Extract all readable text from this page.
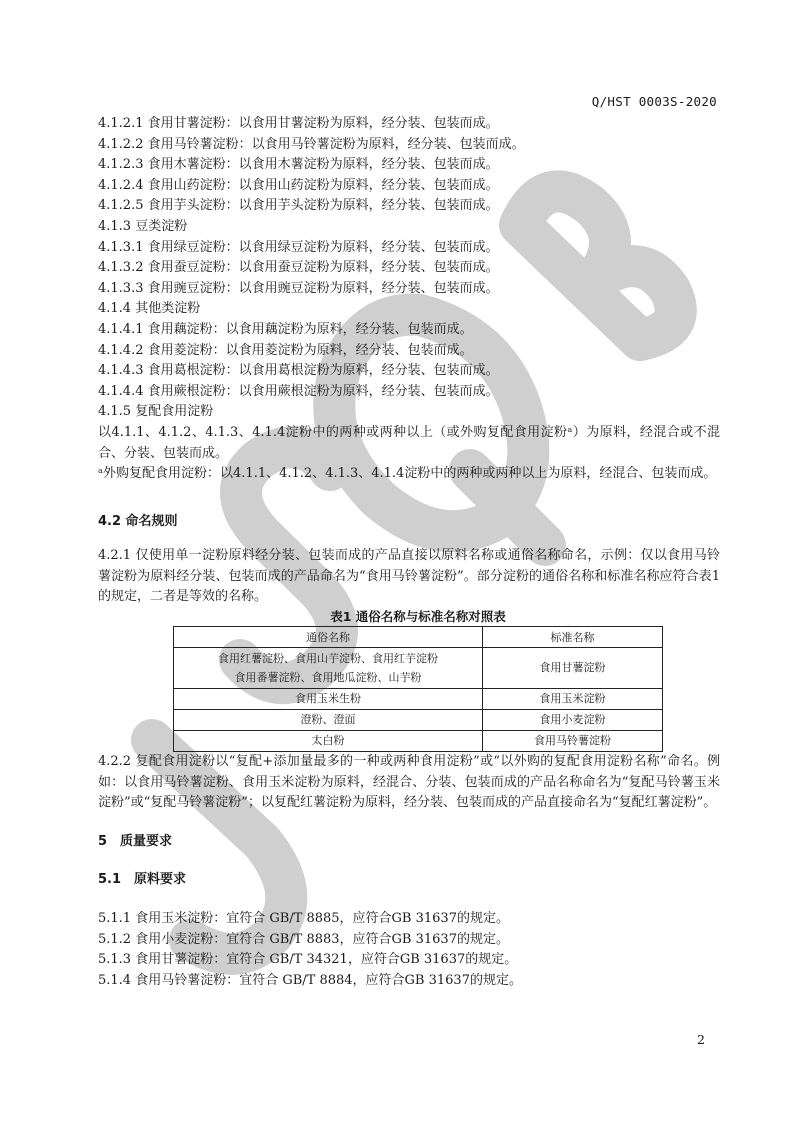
Q/HST 0003S-2020
4.1.2.1 食用甘薯淀粉：以食用甘薯淀粉为原料，经分装、包装而成。
4.1.2.2 食用马铃薯淀粉：以食用马铃薯淀粉为原料，经分装、包装而成。
4.1.2.3 食用木薯淀粉：以食用木薯淀粉为原料，经分装、包装而成。
4.1.2.4 食用山药淀粉：以食用山药淀粉为原料，经分装、包装而成。
4.1.2.5 食用芋头淀粉：以食用芋头淀粉为原料，经分装、包装而成。
4.1.3 豆类淀粉
4.1.3.1 食用绿豆淀粉：以食用绿豆淀粉为原料，经分装、包装而成。
4.1.3.2 食用蚕豆淀粉：以食用蚕豆淀粉为原料，经分装、包装而成。
4.1.3.3 食用豌豆淀粉：以食用豌豆淀粉为原料，经分装、包装而成。
4.1.4 其他类淀粉
4.1.4.1 食用藕淀粉：以食用藕淀粉为原料，经分装、包装而成。
4.1.4.2 食用菱淀粉：以食用菱淀粉为原料，经分装、包装而成。
4.1.4.3 食用葛根淀粉：以食用葛根淀粉为原料，经分装、包装而成。
4.1.4.4 食用蕨根淀粉：以食用蕨根淀粉为原料，经分装、包装而成。
4.1.5 复配食用淀粉
以4.1.1、4.1.2、4.1.3、4.1.4淀粉中的两种或两种以上（或外购复配食用淀粉ᵃ）为原料，经混合或不混合、分装、包装而成。
ᵃ外购复配食用淀粉：以4.1.1、4.1.2、4.1.3、4.1.4淀粉中的两种或两种以上为原料，经混合、包装而成。
4.2 命名规则
4.2.1 仅使用单一淀粉原料经分装、包装而成的产品直接以原料名称或通俗名称命名，示例：仅以食用马铃薯淀粉为原料经分装、包装而成的产品命名为“食用马铃薯淀粉”。部分淀粉的通俗名称和标准名称应符合表1的规定，二者是等效的名称。
表1 通俗名称与标准名称对照表
通俗名称	标准名称

食用红薯淀粉、食用山芋淀粉、食用红芋淀粉
食用番薯淀粉、食用地瓜淀粉、山芋粉	食用甘薯淀粉
食用玉米生粉	食用玉米淀粉
澄粉、澄面	食用小麦淀粉
太白粉	食用马铃薯淀粉
4.2.2 复配食用淀粉以“复配+添加量最多的一种或两种食用淀粉”或“以外购的复配食用淀粉名称”命名。例如：以食用马铃薯淀粉、食用玉米淀粉为原料，经混合、分装、包装而成的产品名称命名为“复配马铃薯玉米淀粉”或“复配马铃薯淀粉”；以复配红薯淀粉为原料，经分装、包装而成的产品直接命名为“复配红薯淀粉”。
5　质量要求
5.1　原料要求
5.1.1 食用玉米淀粉：宜符合 GB/T 8885，应符合GB 31637的规定。
5.1.2 食用小麦淀粉：宜符合 GB/T 8883，应符合GB 31637的规定。
5.1.3 食用甘薯淀粉：宜符合 GB/T 34321，应符合GB 31637的规定。
5.1.4 食用马铃薯淀粉：宜符合 GB/T 8884，应符合GB 31637的规定。
2
